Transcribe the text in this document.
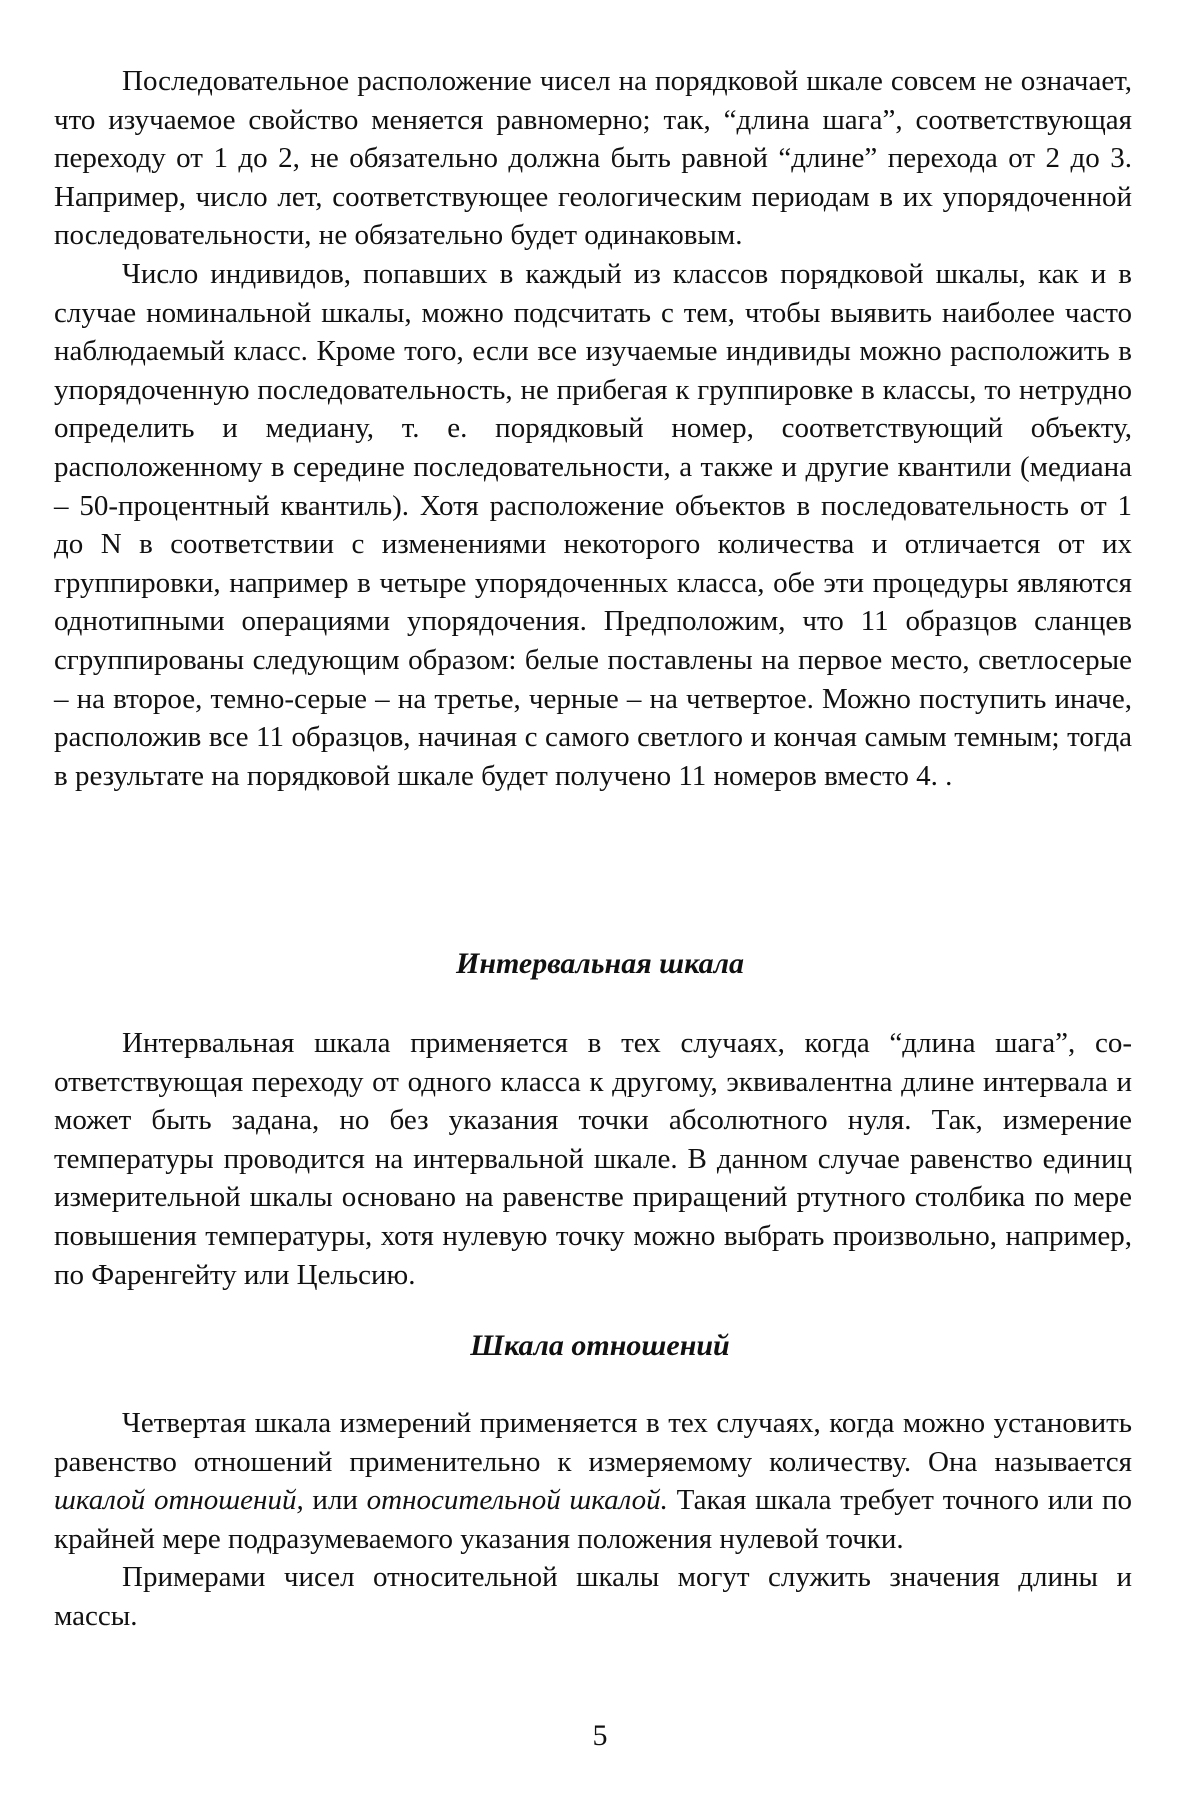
Последовательное расположение чисел на порядковой шкале совсем не означает, что изучаемое свойство меняется равномерно; так, “длина шага”, соответствующая переходу от 1 до 2, не обязательно должна быть равной “длине” перехода от 2 до 3. Например, число лет, соответствующее геологическим периодам в их упорядоченной последовательности, не обязательно будет одинаковым.

Число индивидов, попавших в каждый из классов порядковой шкалы, как и в случае номинальной шкалы, можно подсчитать с тем, чтобы выявить наиболее часто наблюдаемый класс. Кроме того, если все изучаемые индивиды можно расположить в упорядоченную последовательность, не прибегая к группировке в классы, то нетрудно определить и медиану, т. е. порядковый номер, соответствующий объекту, расположенному в середине последовательности, а также и другие квантили (медиана – 50-процентный квантиль). Хотя расположение объектов в последовательность от 1 до N в соответствии с изменениями некоторого количества и отличается от их группировки, например в четыре упорядоченных класса, обе эти процедуры являются однотипными операциями упорядочения. Предположим, что 11 образцов сланцев сгруппированы следующим образом: белые поставлены на первое место, светлосерые – на второе, темно-серые – на третье, черные – на четвертое. Можно поступить иначе, расположив все 11 образцов, начиная с самого светлого и кончая самым темным; тогда в результате на порядковой шкале будет получено 11 номеров вместо 4. .

Интервальная шкала

Интервальная шкала применяется в тех случаях, когда “длина шага”, соответствующая переходу от одного класса к другому, эквивалентна длине интервала и может быть задана, но без указания точки абсолютного нуля. Так, измерение температуры проводится на интервальной шкале. В данном случае равенство единиц измерительной шкалы основано на равенстве приращений ртутного столбика по мере повышения температуры, хотя нулевую точку можно выбрать произвольно, например, по Фаренгейту или Цельсию.

Шкала отношений

Четвертая шкала измерений применяется в тех случаях, когда можно установить равенство отношений применительно к измеряемому количеству. Она называется шкалой отношений, или относительной шкалой. Такая шкала требует точного или по крайней мере подразумеваемого указания положения нулевой точки.

Примерами чисел относительной шкалы могут служить значения длины и массы.

5
